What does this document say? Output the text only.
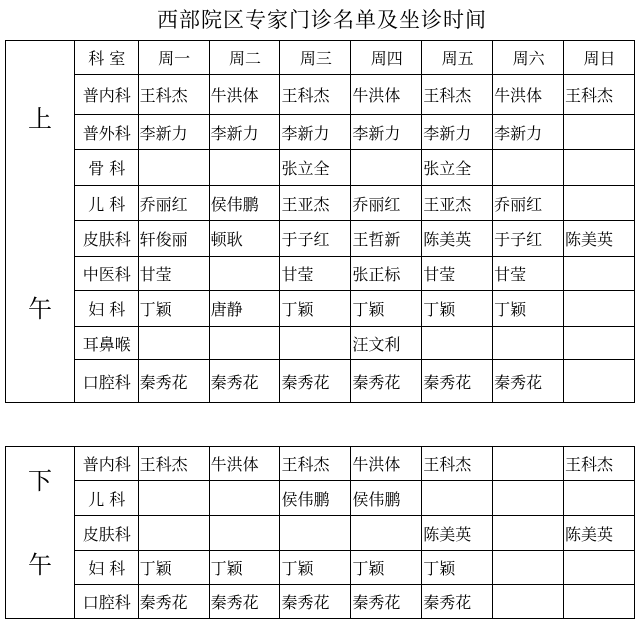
西部院区专家门诊名单及坐诊时间
上
午	科 室	周一	周二	周三	周四	周五	周六	周日
	普内科	王科杰	牛洪体	王科杰	牛洪体	王科杰	牛洪体	王科杰
	普外科	李新力	李新力	李新力	李新力	李新力	李新力	
	骨 科			张立全		张立全		
	儿 科	乔丽红	侯伟鹏	王亚杰	乔丽红	王亚杰	乔丽红	
	皮肤科	轩俊丽	顿耿	于子红	王哲新	陈美英	于子红	陈美英
	中医科	甘莹		甘莹	张正标	甘莹	甘莹	
	妇 科	丁颖	唐静	丁颖	丁颖	丁颖	丁颖	
	耳鼻喉				汪文利			
	口腔科	秦秀花	秦秀花	秦秀花	秦秀花	秦秀花	秦秀花	
下
午	普内科	王科杰	牛洪体	王科杰	牛洪体	王科杰		王科杰
	儿 科			侯伟鹏	侯伟鹏			
	皮肤科					陈美英		陈美英
	妇 科	丁颖	丁颖	丁颖	丁颖	丁颖		
	口腔科	秦秀花	秦秀花	秦秀花	秦秀花	秦秀花		
